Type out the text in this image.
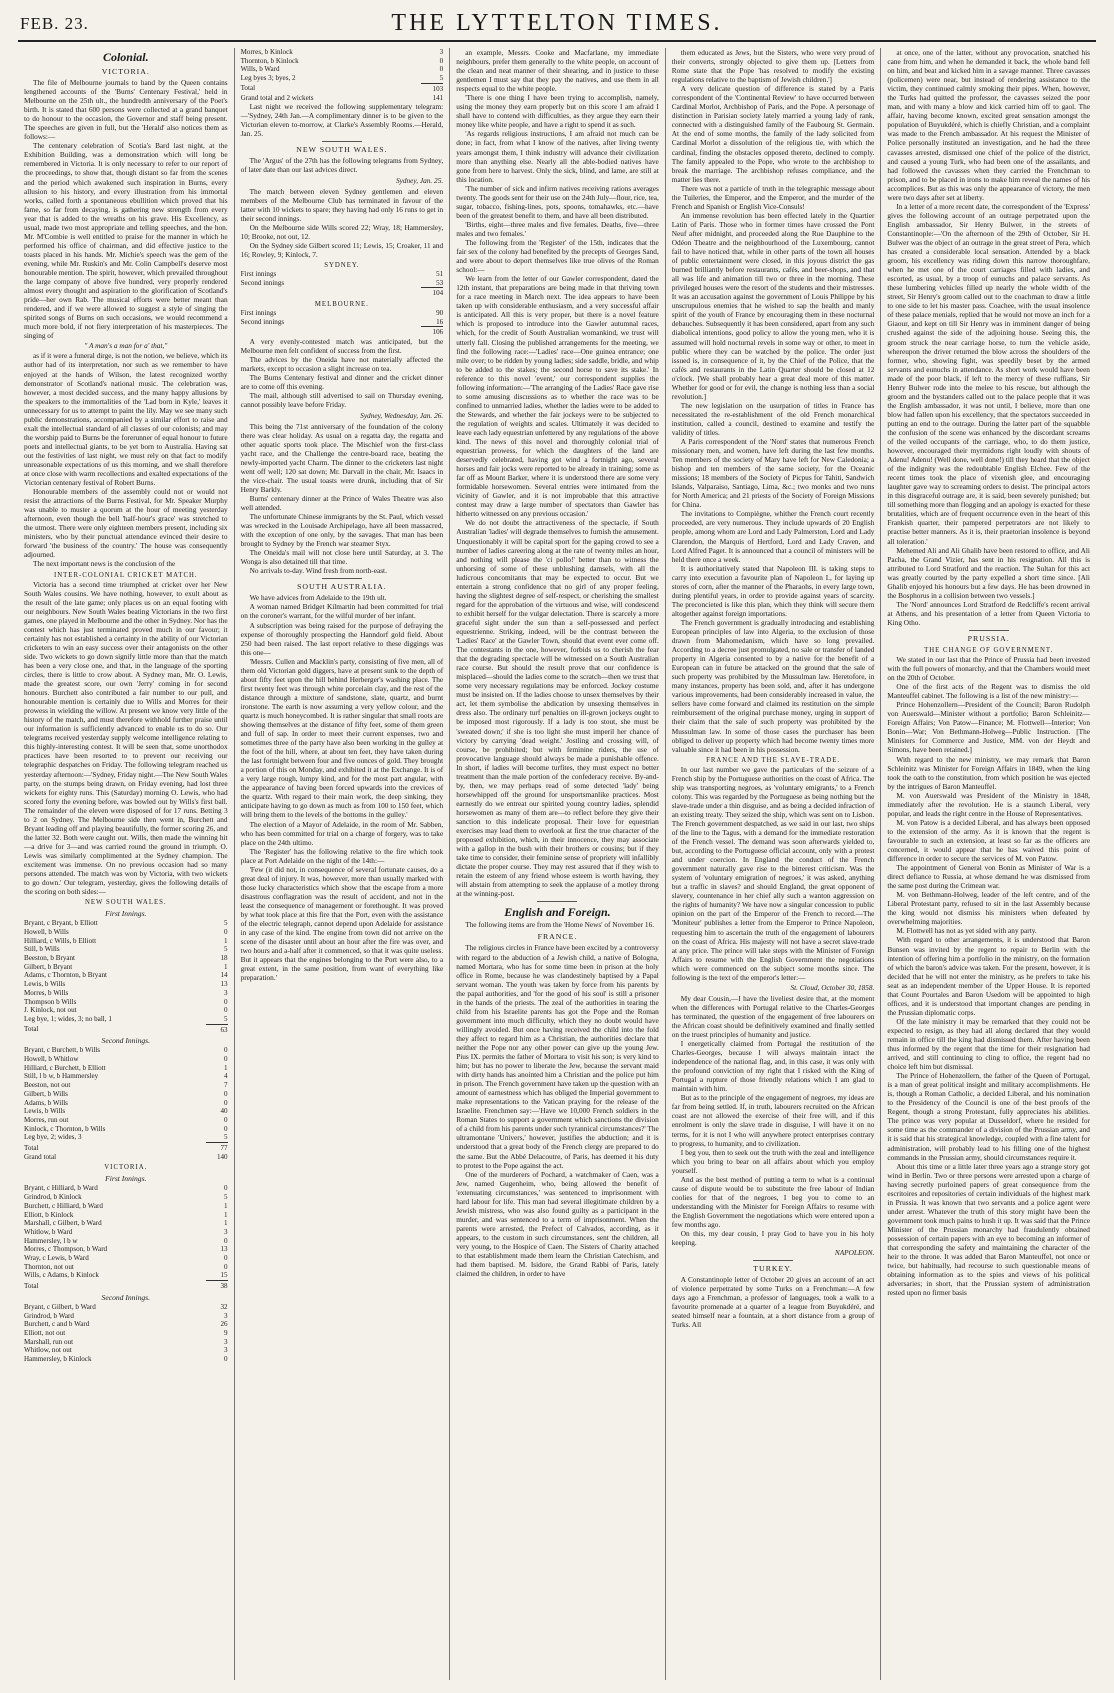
FEB. 23.	THE LYTTELTON TIMES.
Colonial.
VICTORIA.

The file of Melbourne journals to hand by the Queen contains lengthened accounts of the 'Burns' Centenary Festival,' held in Melbourne on the 25th ult., the hundredth anniversary of the Poet's birth. It is stated that 600 persons were collected at a grand banquet to do honour to the occasion, the Governor and staff being present. The speeches are given in full, but the 'Herald' also notices them as follows:—

The centenary celebration of Scotia's Bard last night, at the Exhibition Building, was a demonstration which will long be remembered in Victoria. It is only necessary to refer to our report of the proceedings, to show that, though distant so far from the scenes and the period which awakened such inspiration in Burns, every allusion to his history, and every illustration from his immortal works, called forth a spontaneous ebullition which proved that his fame, so far from decaying, is gathering new strength from every year that is added to the wreaths on his grave. His Excellency, as usual, made two most appropriate and telling speeches, and the hon. Mr. M'Combie is well entitled to praise for the manner in which he performed his office of chairman, and did effective justice to the toasts placed in his hands. Mr. Michie's speech was the gem of the evening, while Mr. Ruskin's and Mr. Colin Campbell's deserve most honourable mention. The spirit, however, which prevailed throughout the large company of above five hundred, very properly rendered almost every thought and aspiration to the glorification of Scotland's pride—her own Rab. The musical efforts were better meant than rendered, and if we were allowed to suggest a style of singing the spirited songs of Burns on such occasions, we would recommend a much more bold, if not fiery interpretation of his masterpieces. The singing of

" A man's a man for a' that,"

as if it were a funeral dirge, is not the notion, we believe, which its author had of its interpretation, nor such as we remember to have enjoyed at the hands of Wilson, the latest recognized worthy demonstrator of Scotland's national music. The celebration was, however, a most decided success, and the many happy allusions by the speakers to the immortalities of the 'Lad born in Kyle,' leaves it unnecessary for us to attempt to paint the lily. May we see many such public demonstrations, accompanied by a similar effort to raise and exalt the intellectual standard of all classes of our colonists; and may the worship paid to Burns be the forerunner of equal honour to future poets and intellectual giants, to be yet born to Australia. Having sat out the festivities of last night, we must rely on that fact to modify unreasonable expectations of us this morning, and we shall therefore at once close with warm recollections and exalted expectations of the Victorian centenary festival of Robert Burns.

Honourable members of the assembly could not or would not resist the attractions of the Burns Festival, for Mr. Speaker Murphy was unable to muster a quorum at the hour of meeting yesterday afternoon, even though the bell 'half-hour's grace' was stretched to the utmost. There were only eighteen members present, including six ministers, who by their punctual attendance evinced their desire to forward 'the business of the country.' The house was consequently adjourned.

The next important news is the conclusion of the

INTER-COLONIAL CRICKET MATCH.

Victoria has a second time triumphed at cricket over her New South Wales cousins. We have nothing, however, to exult about as the result of the late game; only places us on an equal footing with our neighbours. New South Wales beating Victorians in the two first games, one played in Melbourne and the other in Sydney. Nor has the contest which has just terminated proved much in our favour; it certainly has not established a certainty in the ability of our Victorian cricketers to win an easy success over their antagonists on the other side. Two wickets to go down signify little more than that the match has been a very close one, and that, in the language of the sporting circles, there is little to crow about. A Sydney man, Mr. O. Lewis, made the greatest score, our own 'Jerry' coming in for second honours. Burchett also contributed a fair number to our pull, and honourable mention is certainly due to Wills and Morres for their prowess in wielding the willow. At present we know very little of the history of the match, and must therefore withhold further praise until our information is sufficiently advanced to enable us to do so. Our telegrams received yesterday supply welcome intelligence relating to this highly-interesting contest. It will be seen that, some unorthodox practices have been resorted to to prevent our receiving our telegraphic despatches on Friday. The following telegram reached us yesterday afternoon:—'Sydney, Friday night.—The New South Wales party, on the stumps being drawn, on Friday evening, had lost three wickets for eighty runs. This (Saturday) morning O. Lewis, who had scored forty the evening before, was bowled out by Wills's first ball. The remainder of the eleven were disposed of for 17 runs. Betting 3 to 2 on Sydney. The Melbourne side then went in, Burchett and Bryant leading off and playing beautifully, the former scoring 26, and the latter 32. Both were caught out. Wills, then made the winning hit—a drive for 3—and was carried round the ground in triumph. O. Lewis was similarly complimented at the Sydney champion. The excitement was immense. On no previous occasion had so many persons attended. The match was won by Victoria, with two wickets to go down.' Our telegram, yesterday, gives the following details of the scoring on both sides:—

NEW SOUTH WALES.
First Innings.
Bryant, c Bryant, b Elliott	5
Howell, b Wills	0
Hilliard, c Wills, b Elliott	1
Still, b Wills	5
Beeston, b Bryant	18
Gilbert, b Bryant	1
Adams, c Thornton, b Bryant	14
Lewis, b Wills	13
Morres, b Wills	3
Thompson b Wills	0
J. Kinlock, not out	0
Leg bye, 1; wides, 3; no ball, 1	5
Total	63
Second Innings.
Bryant, c Burchett, b Wills	0
Howell, b Whitlow	0
Hilliard, c Burchett, b Elliott	1
Still, l b w, b Hammersley	4
Beeston, not out	7
Gilbert, b Wills	0
Adams, b Wills	0
Lewis, b Wills	40
Morres, run out	0
Kinlock, c Thornton, b Wills	0
Leg bye, 2; wides, 3	5
Total	77
Grand total	140
VICTORIA.
First Innings.
Bryant, c Hilliard, b Ward	0
Grindrod, b Kinlock	5
Burchett, c Hilliard, b Ward	1
Elliott, b Kinlock	1
Marshall, c Gilbert, b Ward	1
Whitlow, b Ward	3
Hammersley, l b w	0
Morres, c Thompson, b Ward	13
Wray, c Lewis, b Ward	0
Thornton, not out	0
Wills, c Adams, b Kinlock	15
Total	38
Second Innings.
Bryant, c Gilbert, b Ward	32
Grindrod, b Ward	3
Burchett, c and b Ward	26
Elliott, not out	9
Marshall, run out	3
Whitlow, not out	3
Hammersley, b Kinlock	0
Morres, b Kinlock	3
Thornton, b Kinlock	0
Wills, b Ward	0
Leg byes 3; byes, 2	5
Total	103
Grand total and 2 wickets	141

Last night we received the following supplementary telegram:—'Sydney, 24th Jan.—A complimentary dinner is to be given to the Victorian eleven to-morrow, at Clarke's Assembly Rooms.—Herald, Jan. 25.

NEW SOUTH WALES.

The 'Argus' of the 27th has the following telegrams from Sydney, of later date than our last advices direct.

Sydney, Jan. 25.

The match between eleven Sydney gentlemen and eleven members of the Melbourne Club has terminated in favour of the latter with 10 wickets to spare; they having had only 16 runs to get in their second innings.

On the Melbourne side Wills scored 22; Wray, 18; Hammersley, 10; Brooke, not out, 12.

On the Sydney side Gilbert scored 11; Lewis, 15; Croaker, 11 and 16; Rowley, 9; Kinlock, 7.

SYDNEY.
First innings	51
Second innings	53
	104
MELBOURNE.
First innings	90
Second innings	16
	106

A very evenly-contested match was anticipated, but the Melbourne men felt confident of success from the first.

The advices by the Oneida have not materially affected the markets, except to occasion a slight increase on tea.

The Burns Centenary festival and dinner and the cricket dinner are to come off this evening.

The mail, although still advertised to sail on Thursday evening, cannot possibly leave before Friday.

Sydney, Wednesday, Jan. 26.

This being the 71st anniversary of the foundation of the colony there was clear holiday. As usual on a regatta day, the regatta and other aquatic sports took place. The Mischief won the first-class yacht race, and the Challenge the centre-board race, beating the newly-imported yacht Charm. The dinner to the cricketers last night went off well; 120 sat down; Mr. Darvall in the chair, Mr. Isaacs in the vice-chair. The usual toasts were drunk, including that of Sir Henry Barkly.

Burns' centenary dinner at the Prince of Wales Theatre was also well attended.

The unfortunate Chinese immigrants by the St. Paul, which vessel was wrecked in the Louisade Archipelago, have all been massacred, with the exception of one only, by the savages. That man has been brought to Sydney by the French war steamer Styx.

The Oneida's mail will not close here until Saturday, at 3. The Wonga is also detained till that time.

No arrivals to-day. Wind fresh from north-east.

SOUTH AUSTRALIA.

We have advices from Adelaide to the 19th ult.

A woman named Bridget Kilmartin had been committed for trial on the coroner's warrant, for the wilful murder of her infant.

A subscription was being raised for the purpose of defraying the expense of thoroughly prospecting the Hanndorf gold field. About 250 had been raised. The last report relative to these diggings was this one—

'Messrs. Cullen and Macklin's party, consisting of five men, all of them old Victorian gold diggers, have at present sunk to the depth of about fifty feet upon the hill behind Herberger's washing place. The first twenty feet was through white porcelain clay, and the rest of the distance through a mixture of sandstone, slate, quartz, and burnt ironstone. The earth is now assuming a very yellow colour, and the quartz is much honeycombed. It is rather singular that small roots are showing themselves at the distance of fifty feet, some of them green and full of sap. In order to meet their current expenses, two and sometimes three of the party have also been working in the gulley at the foot of the hill, where, at about ten feet, they have taken during the last fortnight between four and five ounces of gold. They brought a portion of this on Monday, and exhibited it at the Exchange. It is of a very large rough, lumpy kind, and for the most part angular, with the appearance of having been forced upwards into the crevices of the quartz. With regard to their main work, the deep sinking, they anticipate having to go down as much as from 100 to 150 feet, which will bring them to the levels of the bottoms in the gulley.'

The election of a Mayor of Adelaide, in the room of Mr. Sabben, who has been committed for trial on a charge of forgery, was to take place on the 24th ultimo.

The 'Register' has the following relative to the fire which took place at Port Adelaide on the night of the 14th:—

'Few (it did not, in consequence of several fortunate causes, do a great deal of injury. It was, however, more than usually marked with those lucky characteristics which show that the escape from a more disastrous conflagration was the result of accident, and not in the least the consequence of management or forethought. It was proved by what took place at this fire that the Port, even with the assistance of the electric telegraph, cannot depend upon Adelaide for assistance in any case of the kind. The engine from town did not arrive on the scene of the disaster until about an hour after the fire was over, and two hours and a-half after it commenced, so that it was quite useless. But it appears that the engines belonging to the Port were also, to a great extent, in the same position, from want of everything like preparation.'

an example, Messrs. Cooke and Macfarlane, my immediate neighbours, prefer them generally to the white people, on account of the clean and neat manner of their shearing, and in justice to these gentlemen I must say that they pay the natives, and use them in all respects equal to the white people.

'There is one thing I have been trying to accomplish, namely, using the money they earn properly but on this score I am afraid I shall have to contend with difficulties, as they argue they earn their money like white people, and have a right to spend it as such.

'As regards religious instructions, I am afraid not much can be done; in fact, from what I know of the natives, after living twenty years amongst them, I think industry will advance their civilization more than anything else. Nearly all the able-bodied natives have gone from here to harvest. Only the sick, blind, and lame, are still at this location.

'The number of sick and infirm natives receiving rations averages twenty. The goods sent for their use on the 24th July—flour, rice, tea, sugar, tobacco, fishing-lines, pots, spoons, tomahawks, etc.—have been of the greatest benefit to them, and have all been distributed.

'Births, eight—three males and five females. Deaths, five—three males and two females.'

The following from the 'Register' of the 15th, indicates that the fair sex of the colony had benefited by the precepts of Georges Sand, and were about to deport themselves like true olives of the Roman school:—

We learn from the letter of our Gawler correspondent, dated the 12th instant, that preparations are being made in that thriving town for a race meeting in March next. The idea appears to have been taken up with considerable enthusiasm, and a very successful affair is anticipated. All this is very proper, but there is a novel feature which is proposed to introduce into the Gawler autumnal races, which, for the credit of South Australian womankind, we trust will utterly fall. Closing the published arrangements for the meeting, we find the following race:—'Ladies' race—One guinea entrance; one mile over; to be ridden by young ladies; side saddle, bridle, and whip to be added to the stakes; the second horse to save its stake.' In reference to this novel 'event,' our correspondent supplies the following information:—'The arranging of the Ladies' Race gave rise to some amusing discussions as to whether the race was to be confined to unmarried ladies, whether the ladies were to be added to the Stewards, and whether the fair jockeys were to be subjected to the regulation of weights and scales. Ultimately it was decided to leave each lady equestrian unfettered by any regulations of the above kind. The news of this novel and thoroughly colonial trial of equestrian prowess, for which the daughters of the land are deservedly celebrated, having got wind a fortnight ago, several horses and fair jocks were reported to be already in training; some as far off as Mount Barker, where it is understood there are some very formidable horsewomen. Several entries were intimated from the vicinity of Gawler, and it is not improbable that this attractive contest may draw a large number of spectators than Gawler has hitherto witnessed on any previous occasion.'

We do not doubt the attractiveness of the spectacle, if South Australian 'ladies' will degrade themselves to furnish the amusement. Unquestionably it will be capital sport for the gaping crowd to see a number of ladies careering along at the rate of twenty miles an hour, and nothing will please the 'ci pollo!' better than to witness the unhorsing of some of these unblushing damsels, with all the ludicrous concomitants that may be expected to occur. But we entertain a strong confidence that no girl of any proper feeling, having the slightest degree of self-respect, or cherishing the smallest regard for the approbation of the virtuous and wise, will condescend to exhibit herself for the vulgar delectation. There is scarcely a more graceful sight under the sun than a self-possessed and perfect equestrienne. Striking, indeed, will be the contrast between the 'Ladies' Race' at the Gawler Town, should that event ever come off. The contestants in the one, however, forbids us to cherish the fear that the degrading spectacle will be witnessed on a South Australian race course. But should the result prove that our confidence is misplaced—should the ladies come to the scratch—then we trust that some very necessary regulations may be enforced. Jockey costume must be insisted on. If the ladies choose to unsex themselves by their act, let them symbolise the abdication by unsexing themselves in dress also. The ordinary turf penalties on ill-grown jockeys ought to be imposed most rigorously. If a lady is too stout, she must be 'sweated down;' if she is too light she must imperil her chance of victory by carrying 'dead weight.' Jostling and crossing will, of course, be prohibited; but with feminine riders, the use of provocative language should always be made a punishable offence. In short, if ladies will become turfites, they must expect no better treatment than the male portion of the confederacy receive. By-and-by, then, we may perhaps read of some detected 'lady' being horsewhipped off the ground for unsportsmanlike practices. Most earnestly do we entreat our spirited young country ladies, splendid horsewomen as many of them are—to reflect before they give their sanction to this indelicate proposal. Their love for equestrian exercises may lead them to overlook at first the true character of the proposed exhibition, which, in their innocence, they may associate with a gallop in the bush with their brothers or cousins; but if they take time to consider, their feminine sense of propriety will infallibly dictate the proper course. They may rest assured that if they wish to retain the esteem of any friend whose esteem is worth having, they will abstain from attempting to seek the applause of a motley throng at the winning-post.

English and Foreign.

The following items are from the 'Home News' of November 16.

FRANCE.

The religious circles in France have been excited by a controversy with regard to the abduction of a Jewish child, a native of Bologna, named Mortara, who has for some time been in prison at the holy office in Rome, because he was clandestinely baptised by a Papal servant woman. The youth was taken by force from his parents by the papal authorities, and 'for the good of his soul' is still a prisoner in the hands of the priests. The zeal of the authorities in tearing the child from his Israelite parents has got the Pope and the Roman government into much difficulty, which they no doubt would have willingly avoided. But once having received the child into the fold they affect to regard him as a Christian, the authorities declare that neither the Pope nor any other power can give up the young Jew. Pius IX. permits the father of Mortara to visit his son; is very kind to him; but has no power to liberate the Jew, because the servant maid with dirty hands has anointed him a Christian and the police put him in prison. The French government have taken up the question with an amount of earnestness which has obliged the Imperial government to make representations to the Vatican praying for the release of the Israelite. Frenchmen say:—'Have we 10,000 French soldiers in the Roman States to support a government which sanctions the division of a child from his parents under such tyrannical circumstances?' The ultramontane 'Univers,' however, justifies the abduction; and it is understood that a great body of the French clergy are prepared to do the same. But the Abbé Delacoutre, of Paris, has deemed it his duty to protest to the Pope against the act.

One of the murderers of Pochard, a watchmaker of Caen, was a Jew, named Gugenheim, who, being allowed the benefit of 'extenuating circumstances,' was sentenced to imprisonment with hard labour for life. This man had several illegitimate children by a Jewish mistress, who was also found guilty as a participant in the murder, and was sentenced to a term of imprisonment. When the parents were arrested, the Prefect of Calvados, according, as it appears, to the custom in such circumstances, sent the children, all very young, to the Hospice of Caen. The Sisters of Charity attached to that establishment made them learn the Christian Catechism, and had them baptised. M. Isidore, the Grand Rabbi of Paris, lately claimed the children, in order to have

them educated as Jews, but the Sisters, who were very proud of their converts, strongly objected to give them up. [Letters from Rome state that the Pope 'has resolved to modify the existing regulations relative to the baptism of Jewish children.']

A very delicate question of difference is stated by a Paris correspondent of the 'Continental Review' to have occurred between Cardinal Morlot, Archbishop of Paris, and the Pope. A personage of distinction in Parisian society lately married a young lady of rank, connected with a distinguished family of the Faubourg St. Germain. At the end of some months, the family of the lady solicited from Cardinal Morlot a dissolution of the religious tie, with which the cardinal, finding the obstacles opposed thereto, declined to comply. The family appealed to the Pope, who wrote to the archbishop to break the marriage. The archbishop refuses compliance, and the matter lies there.

There was not a particle of truth in the telegraphic message about the Tuileries, the Emperor, and the Emperor, and the murder of the French and Spanish or English Vice-Consuls!

An immense revolution has been effected lately in the Quartier Latin of Paris. Those who in former times have crossed the Pont Neuf after midnight, and proceeded along the Rue Dauphine to the Odéon Theatre and the neighbourhood of the Luxembourg, cannot fail to have noticed that, while in other parts of the town all houses of public entertainment were closed, in this joyous district the gas burned brilliantly before restaurants, cafés, and beer-shops, and that all was life and animation till two or three in the morning. These privileged houses were the resort of the students and their mistresses. It was an accusation against the government of Louis Philippe by his unscrupulous enemies that he wished to sap the health and manly spirit of the youth of France by encouraging them in these nocturnal debauches. Subsequently it has been considered, apart from any such diabolical intentions, good policy to allow the young men, who it is assumed will hold nocturnal revels in some way or other, to meet in public where they can be watched by the police. The order just issued is, in consequence of it, by the Chief of the Police, that the cafés and restaurants in the Latin Quarter should be closed at 12 o'clock. [We shall probably hear a great deal more of this matter. Whether for good or for evil, the change is nothing less than a social revolution.]

The new legislation on the usurpation of titles in France has necessitated the re-establishment of the old French monarchical institution, called a council, destined to examine and testify the validity of titles.

A Paris correspondent of the 'Nord' states that numerous French missionary men, and women, have left during the last few months. Ten members of the society of Mary have left for New Caledonia; a bishop and ten members of the same society, for the Oceanic missions; 18 members of the Society of Picpus for Tahiti, Sandwich Islands, Valparaiso, Santiago, Lima, &c.; two monks and two nuns for North America; and 21 priests of the Society of Foreign Missions for China.

The invitations to Compiègne, whither the French court recently proceeded, are very numerous. They include upwards of 20 English people, among whom are Lord and Lady Palmerston, Lord and Lady Clarendon, the Marquis of Hertford, Lord and Lady Craven, and Lord Alfred Paget. It is announced that a council of ministers will be held there once a week.

It is authoritatively stated that Napoleon III. is taking steps to carry into execution a favourite plan of Napoleon I., for laying up stores of corn, after the manner of the Pharaohs, in every large town, during plentiful years, in order to provide against years of scarcity. The preconcieted is like this plan, which they think will secure them altogether against foreign importations.

The French government is gradually introducing and establishing European principles of law into Algeria, to the exclusion of those drawn from Mahomedanism, which have so long prevailed. According to a decree just promulgated, no sale or transfer of landed property in Algeria consented to by a native for the benefit of a European can in future be attacked on the ground that the sale of such property was prohibited by the Mussulman law. Heretofore, in many instances, property has been sold, and, after it has undergone various improvements, had been considerably increased in value, the sellers have come forward and claimed its restitution on the simple reimbursement of the original purchase money, urging in support of their claim that the sale of such property was prohibited by the Mussulman law. In some of those cases the purchaser has been obliged to deliver up property which had become twenty times more valuable since it had been in his possession.

FRANCE AND THE SLAVE-TRADE.

In our last number we gave the particulars of the seizure of a French ship by the Portuguese authorities on the coast of Africa. The ship was transporting negroes, as 'voluntary emigrants,' to a French colony. This was regarded by the Portuguese as being nothing but the slave-trade under a thin disguise, and as being a decided infraction of an existing treaty. They seized the ship, which was sent on to Lisbon. The French government despatched, as we said in our last, two ships of the line to the Tagus, with a demand for the immediate restoration of the French vessel. The demand was soon afterwards yielded to, but, according to the Portuguese official account, only with a protest and under coercion. In England the conduct of the French government naturally gave rise to the bitterest criticism. Was the system of 'voluntary emigration of negroes,' it was asked, anything but a traffic in slaves? and should England, the great opponent of slavery, countenance in her chief ally such a wanton aggression on the rights of humanity? We have now a singular concession to public opinion on the part of the Emperor of the French to record.—The 'Moniteur' publishes a letter from the Emperor to Prince Napoleon, requesting him to ascertain the truth of the engagement of labourers on the coast of Africa. His majesty will not have a secret slave-trade at any price. The prince will take steps with the Minister of Foreign Affairs to resume with the English Government the negotiations which were commenced on the subject some months since. The following is the text of the emperor's letter:—

St. Cloud, October 30, 1858.

My dear Cousin,—I have the liveliest desire that, at the moment when the differences with Portugal relative to the Charles-Georges has terminated, the question of the engagement of free labourers on the African coast should be definitively examined and finally settled on the truest principles of humanity and justice.

I energetically claimed from Portugal the restitution of the Charles-Georges, because I will always maintain intact the independence of the national flag, and, in this case, it was only with the profound conviction of my right that I risked with the King of Portugal a rupture of those friendly relations which I am glad to maintain with him.

But as to the principle of the engagement of negroes, my ideas are far from being settled. If, in truth, labourers recruited on the African coast are not allowed the exercise of their free will, and if this enrolment is only the slave trade in disguise, I will have it on no terms, for it is not I who will anywhere protect enterprises contrary to progress, to humanity, and to civilization.

I beg you, then to seek out the truth with the zeal and intelligence which you bring to bear on all affairs about which you employ yourself.

And as the best method of putting a term to what is a continual cause of dispute would be to substitute the free labour of Indian coolies for that of the negroes, I beg you to come to an understanding with the Minister for Foreign Affairs to resume with the English Government the negotiations which were entered upon a few months ago.

On this, my dear cousin, I pray God to have you in his holy keeping.

NAPOLEON.
TURKEY.

A Constantinople letter of October 20 gives an account of an act of violence perpetrated by some Turks on a Frenchman:—A few days ago a Frenchman, a professor of languages, took a walk to a favourite promenade at a quarter of a league from Buyukdéré, and seated himself near a fountain, at a short distance from a group of Turks. All

at once, one of the latter, without any provocation, snatched his cane from him, and when he demanded it back, the whole band fell on him, and beat and kicked him in a savage manner. Three cavasses (policemen) were near, but instead of rendering assistance to the victim, they continued calmly smoking their pipes. When, however, the Turks had quitted the professor, the cavasses seized the poor man, and with many a blow and kick carried him off to gaol. The affair, having become known, excited great sensation amongst the population of Buyukdéré, which is chiefly Christian, and a complaint was made to the French ambassador. At his request the Minister of Police personally instituted an investigation, and he had the three cavasses arrested, dismissed one chief of the police of the district, and caused a young Turk, who had been one of the assailants, and had followed the cavasses when they carried the Frenchman to prison, and to be placed in irons to make him reveal the names of his accomplices. But as this was only the appearance of victory, the men were two days after set at liberty.

In a letter of a more recent date, the correspondent of the 'Express' gives the following account of an outrage perpetrated upon the English ambassador, Sir Henry Bulwer, in the streets of Constantinople:—'On the afternoon of the 29th of October, Sir H. Bulwer was the object of an outrage in the great street of Pera, which has created a considerable local sensation. Attended by a black groom, his excellency was riding down this narrow thoroughfare, when he met one of the court carriages filled with ladies, and escorted, as usual, by a troop of eunuchs and palace servants. As these lumbering vehicles filled up nearly the whole width of the street, Sir Henry's groom called out to the coachman to draw a little to one side to let his master pass. Coachee, with the usual insolence of these palace menials, replied that he would not move an inch for a Giaour, and kept on till Sir Henry was in imminent danger of being crushed against the side of the adjoining house. Seeing this, the groom struck the near carriage horse, to turn the vehicle aside, whereupon the driver returned the blow across the shoulders of the former, who, showing fight, was speedily beset by the armed servants and eunuchs in attendance. As short work would have been made of the poor black, if left to the mercy of these ruffians, Sir Henry Bulwer rode into the melee to his rescue, but although the groom and the bystanders called out to the palace people that it was the English ambassador, it was not until, I believe, more than one blow had fallen upon his excellency, that the spectators succeeded in putting an end to the outrage. During the latter part of the squabble the confusion of the scene was enhanced by the discordant screams of the veiled occupants of the carriage, who, to do them justice, however, encouraged their myrmidons right loudly with shouts of Adenu! Adenu! (Well done, well done!) till they heard that the object of the indignity was the redoubtable English Elchee. Few of the recent times took the place of vixenish glee, and encouraging laughter gave way to screaming orders to desist. The principal actors in this disgraceful outrage are, it is said, been severely punished; but till something more than flogging and an apology is exacted for these brutalities, which are of frequent occurrence even in the heart of this Frankish quarter, their pampered perpetrators are not likely to practise better manners. As it is, their praetorian insolence is beyond all toleration.'

Mehemed Ali and Ali Ghalib have been restored to office, and Ali Pacha, the Grand Vizier, has sent in his resignation. All this is attributed to Lord Stratford and the reaction. The Sultan for this act was greatly courted by the party expelled a short time since. [Ali Ghalib enjoyed his honours but a few days. He has been drowned in the Bosphorus in a collision between two vessels.]

The 'Nord' announces Lord Stratford de Redcliffe's recent arrival at Athens, and his presentation of a letter from Queen Victoria to King Otho.

PRUSSIA.
THE CHANGE OF GOVERNMENT.

We stated in our last that the Prince of Prussia had been invested with the full powers of monarchy, and that the Chambers would meet on the 20th of October.

One of the first acts of the Regent was to dismiss the old Manteuffel cabinet. The following is a list of the new ministry:—

Prince Hohenzollern—President of the Council; Baron Rudolph von Auerswald—Minister without a portfolio; Baron Schleinitz—Foreign Affairs; Von Patow—Finance; M. Flottwell—Interior; Von Bonin—War; Von Bethmann-Holweg—Public Instruction. [The Ministers for Commerce and Justice, MM. von der Heydt and Simons, have been retained.]

With regard to the new ministry, we may remark that Baron Schleinitz was Minister for Foreign Affairs in 1849, when the king took the oath to the constitution, from which position he was ejected by the intrigues of Baron Manteuffel.

M. von Auerswald was President of the Ministry in 1848, immediately after the revolution. He is a staunch Liberal, very popular, and leads the right centre in the House of Representatives.

M. von Patow is a decided Liberal, and has always been opposed to the extension of the army. As it is known that the regent is favourable to such an extension, at least so far as the officers are concerned, it would appear that he has waived this point of difference in order to secure the services of M. von Patow.

The appointment of General von Bonin as Minister of War is a direct defiance to Russia, at whose demand he was dismissed from the same post during the Crimean war.

M. von Bethmann-Holweg, leader of the left centre, and of the Liberal Protestant party, refused to sit in the last Assembly because the king would not dismiss his ministers when defeated by overwhelming majorities.

M. Flottwell has not as yet sided with any party.

With regard to other arrangements, it is understood that Baron Bunsen was invited by the regent to repair to Berlin with the intention of offering him a portfolio in the ministry, on the formation of which the baron's advice was taken. For the present, however, it is decided that he will not enter the ministry, as he prefers to take his seat as an independent member of the Upper House. It is reported that Count Pourtales and Baron Usedom will be appointed to high offices, and it is understood that important changes are pending in the Prussian diplomatic corps.

Of the late ministry it may be remarked that they could not be expected to resign, as they had all along declared that they would remain in office till the king had dismissed them. After having been thus informed by the regent that the time for their resignation had arrived, and still continuing to cling to office, the regent had no choice left him but dismissal.

The Prince of Hohenzollern, the father of the Queen of Portugal, is a man of great political insight and military accomplishments. He is, though a Roman Catholic, a decided Liberal, and his nomination to the Presidency of the Council is one of the best proofs of the Regent, though a strong Protestant, fully appreciates his abilities. The prince was very popular at Dusseldorf, where he resided for some time as the commander of a division of the Prussian army, and it is said that his strategical knowledge, coupled with a fine talent for administration, will probably lead to his filling one of the highest commands in the Prussian army, should circumstances require it.

About this time or a little later three years ago a strange story got wind in Berlin. Two or three persons were arrested upon a charge of having secretly purloined papers of great consequence from the escritoires and repositories of certain individuals of the highest mark in Prussia. It was known that two servants and a police agent were under arrest. Whatever the truth of this story might have been the government took much pains to hush it up. It was said that the Prince Minister of the Prussian monarchy had fraudulently obtained possession of certain papers with an eye to becoming an informer of that corresponding the safety and maintaining the character of the heir to the throne. It was added that Baron Manteuffel, not once or twice, but habitually, had recourse to such questionable means of obtaining information as to the spies and views of his political adversaries; in short, that the Prussian system of administration rested upon no firmer basis
